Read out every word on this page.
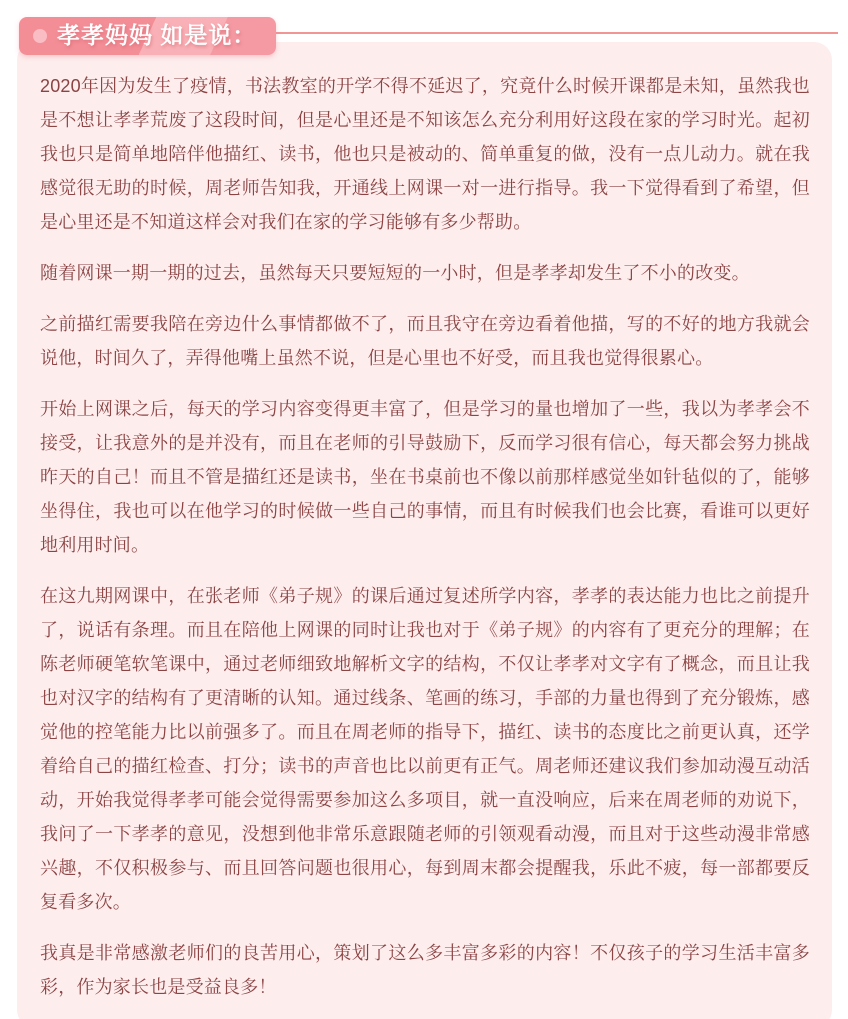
孝孝妈妈 如是说：

2020年因为发生了疫情，书法教室的开学不得不延迟了，究竟什么时候开课都是未知，虽然我也是不想让孝孝荒废了这段时间，但是心里还是不知该怎么充分利用好这段在家的学习时光。起初我也只是简单地陪伴他描红、读书，他也只是被动的、简单重复的做，没有一点儿动力。就在我感觉很无助的时候，周老师告知我，开通线上网课一对一进行指导。我一下觉得看到了希望，但是心里还是不知道这样会对我们在家的学习能够有多少帮助。

随着网课一期一期的过去，虽然每天只要短短的一小时，但是孝孝却发生了不小的改变。

之前描红需要我陪在旁边什么事情都做不了，而且我守在旁边看着他描，写的不好的地方我就会说他，时间久了，弄得他嘴上虽然不说，但是心里也不好受，而且我也觉得很累心。

开始上网课之后，每天的学习内容变得更丰富了，但是学习的量也增加了一些，我以为孝孝会不接受，让我意外的是并没有，而且在老师的引导鼓励下，反而学习很有信心，每天都会努力挑战昨天的自己！而且不管是描红还是读书，坐在书桌前也不像以前那样感觉坐如针毡似的了，能够坐得住，我也可以在他学习的时候做一些自己的事情，而且有时候我们也会比赛，看谁可以更好地利用时间。

在这九期网课中，在张老师《弟子规》的课后通过复述所学内容，孝孝的表达能力也比之前提升了，说话有条理。而且在陪他上网课的同时让我也对于《弟子规》的内容有了更充分的理解；在陈老师硬笔软笔课中，通过老师细致地解析文字的结构，不仅让孝孝对文字有了概念，而且让我也对汉字的结构有了更清晰的认知。通过线条、笔画的练习，手部的力量也得到了充分锻炼，感觉他的控笔能力比以前强多了。而且在周老师的指导下，描红、读书的态度比之前更认真，还学着给自己的描红检查、打分；读书的声音也比以前更有正气。周老师还建议我们参加动漫互动活动，开始我觉得孝孝可能会觉得需要参加这么多项目，就一直没响应，后来在周老师的劝说下，我问了一下孝孝的意见，没想到他非常乐意跟随老师的引领观看动漫，而且对于这些动漫非常感兴趣，不仅积极参与、而且回答问题也很用心，每到周末都会提醒我，乐此不疲，每一部都要反复看多次。

我真是非常感激老师们的良苦用心，策划了这么多丰富多彩的内容！不仅孩子的学习生活丰富多彩，作为家长也是受益良多！
